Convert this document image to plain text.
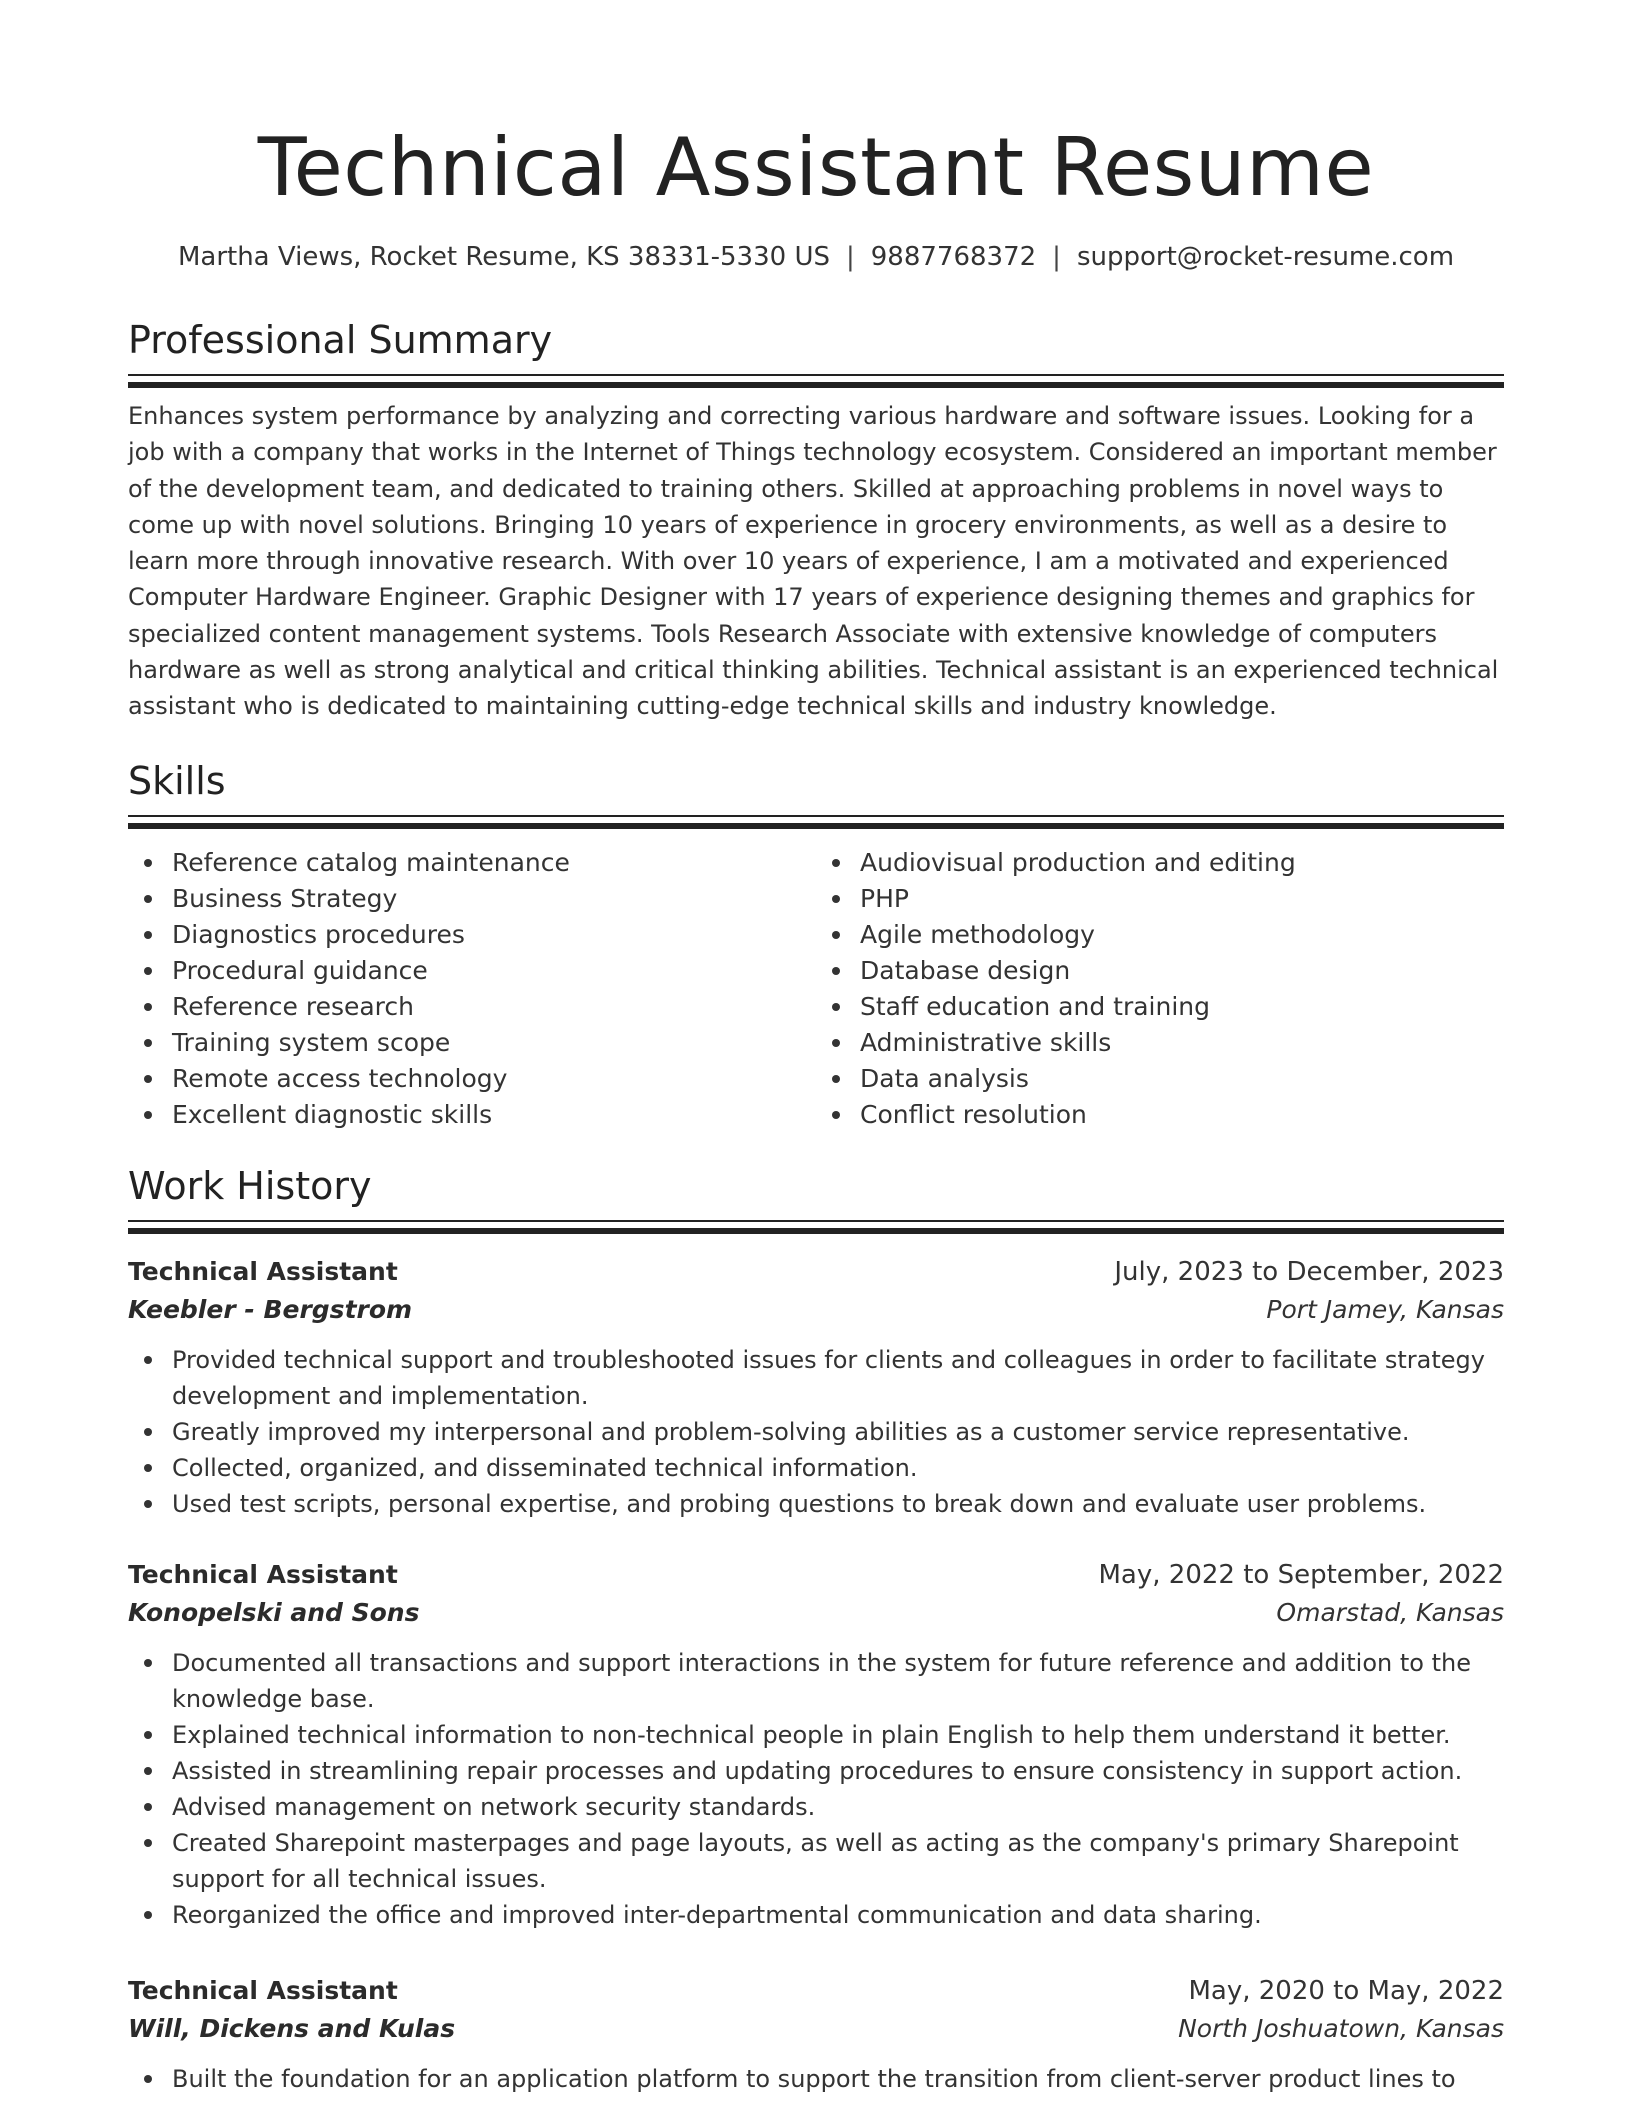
Technical Assistant Resume
Martha Views, Rocket Resume, KS 38331-5330 US | 9887768372 | support@rocket-resume.com
Professional Summary
Enhances system performance by analyzing and correcting various hardware and software issues. Looking for a job with a company that works in the Internet of Things technology ecosystem. Considered an important member of the development team, and dedicated to training others. Skilled at approaching problems in novel ways to come up with novel solutions. Bringing 10 years of experience in grocery environments, as well as a desire to learn more through innovative research. With over 10 years of experience, I am a motivated and experienced Computer Hardware Engineer. Graphic Designer with 17 years of experience designing themes and graphics for specialized content management systems. Tools Research Associate with extensive knowledge of computers hardware as well as strong analytical and critical thinking abilities. Technical assistant is an experienced technical assistant who is dedicated to maintaining cutting-edge technical skills and industry knowledge.
Skills
Reference catalog maintenance
Business Strategy
Diagnostics procedures
Procedural guidance
Reference research
Training system scope
Remote access technology
Excellent diagnostic skills
Audiovisual production and editing
PHP
Agile methodology
Database design
Staff education and training
Administrative skills
Data analysis
Conflict resolution
Work History
Technical Assistant	July, 2023 to December, 2023
Keebler - Bergstrom	Port Jamey, Kansas
Provided technical support and troubleshooted issues for clients and colleagues in order to facilitate strategy development and implementation.
Greatly improved my interpersonal and problem-solving abilities as a customer service representative.
Collected, organized, and disseminated technical information.
Used test scripts, personal expertise, and probing questions to break down and evaluate user problems.
Technical Assistant	May, 2022 to September, 2022
Konopelski and Sons	Omarstad, Kansas
Documented all transactions and support interactions in the system for future reference and addition to the knowledge base.
Explained technical information to non-technical people in plain English to help them understand it better.
Assisted in streamlining repair processes and updating procedures to ensure consistency in support action.
Advised management on network security standards.
Created Sharepoint masterpages and page layouts, as well as acting as the company's primary Sharepoint support for all technical issues.
Reorganized the office and improved inter-departmental communication and data sharing.
Technical Assistant	May, 2020 to May, 2022
Will, Dickens and Kulas	North Joshuatown, Kansas
Built the foundation for an application platform to support the transition from client-server product lines to
